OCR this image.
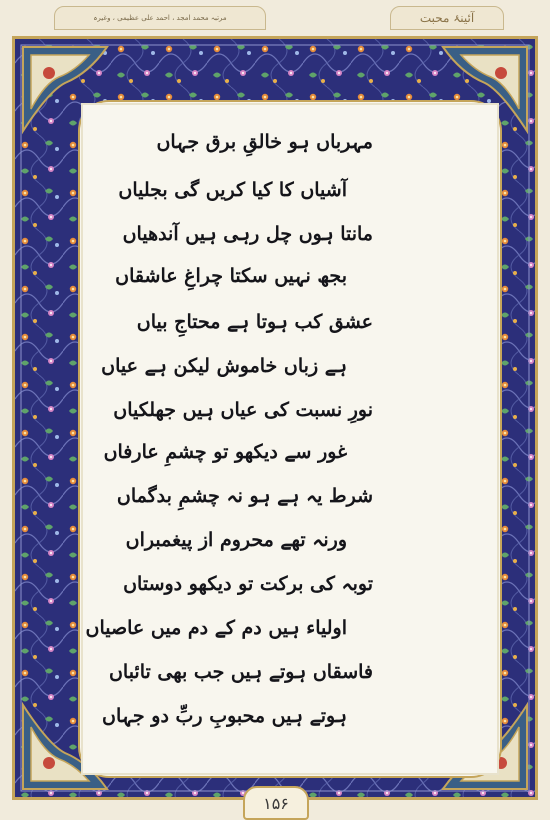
مرتبہ محمد امجد ، احمد علی عظیمی ، وغیرہ	آئینۂ محبت
مہرباں ہو خالقِ برق جہاں
آشیاں کا کیا کریں گی بجلیاں
مانتا ہوں چل رہی ہیں آندھیاں
بجھ نہیں سکتا چراغِ عاشقاں
عشق کب ہوتا ہے محتاجِ بیاں
ہے زباں خاموش لیکن ہے عیاں
نورِ نسبت کی عیاں ہیں جھلکیاں
غور سے دیکھو تو چشمِ عارفاں
شرط یہ ہے ہو نہ چشمِ بدگماں
ورنہ تھے محروم از پیغمبراں
توبہ کی برکت تو دیکھو دوستاں
اولیاء ہیں دم کے دم میں عاصیاں
فاسقاں ہوتے ہیں جب بھی تائباں
ہوتے ہیں محبوبِ ربِّ دو جہاں
۱۵۶
